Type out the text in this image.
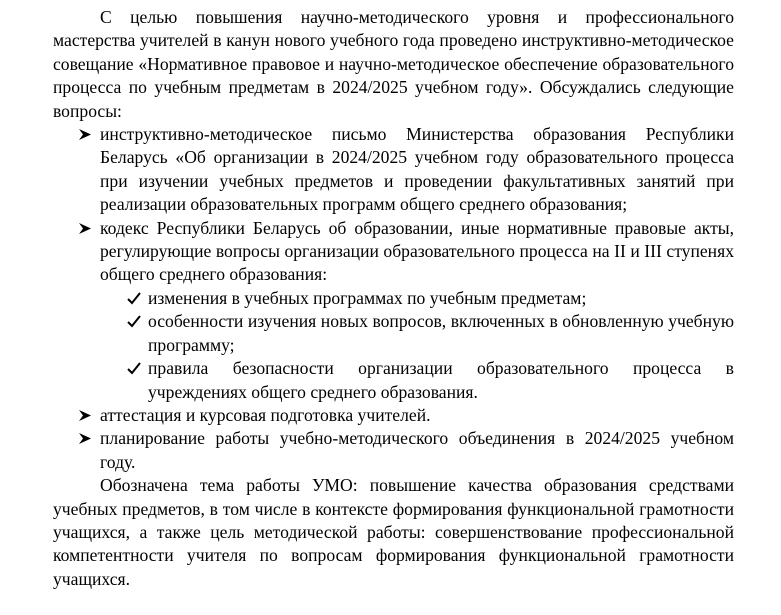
С целью повышения научно-методического уровня и профессионального мастерства учителей в канун нового учебного года проведено инструктивно-методическое совещание «Нормативное правовое и научно-методическое обеспечение образовательного процесса по учебным предметам в 2024/2025 учебном году». Обсуждались следующие вопросы:

инструктивно-методическое письмо Министерства образования Республики Беларусь «Об организации в 2024/2025 учебном году образовательного процесса при изучении учебных предметов и проведении факультативных занятий при реализации образовательных программ общего среднего образования;
кодекс Республики Беларусь об образовании, иные нормативные правовые акты, регулирующие вопросы организации образовательного процесса на II и III ступенях общего среднего образования:
изменения в учебных программах по учебным предметам;
особенности изучения новых вопросов, включенных в обновленную учебную программу;
правила безопасности организации образовательного процесса в учреждениях общего среднего образования.
аттестация и курсовая подготовка учителей.
планирование работы учебно-методического объединения в 2024/2025 учебном году.

Обозначена тема работы УМО: повышение качества образования средствами учебных предметов, в том числе в контексте формирования функциональной грамотности учащихся, а также цель методической работы: совершенствование профессиональной компетентности учителя по вопросам формирования функциональной грамотности учащихся.
